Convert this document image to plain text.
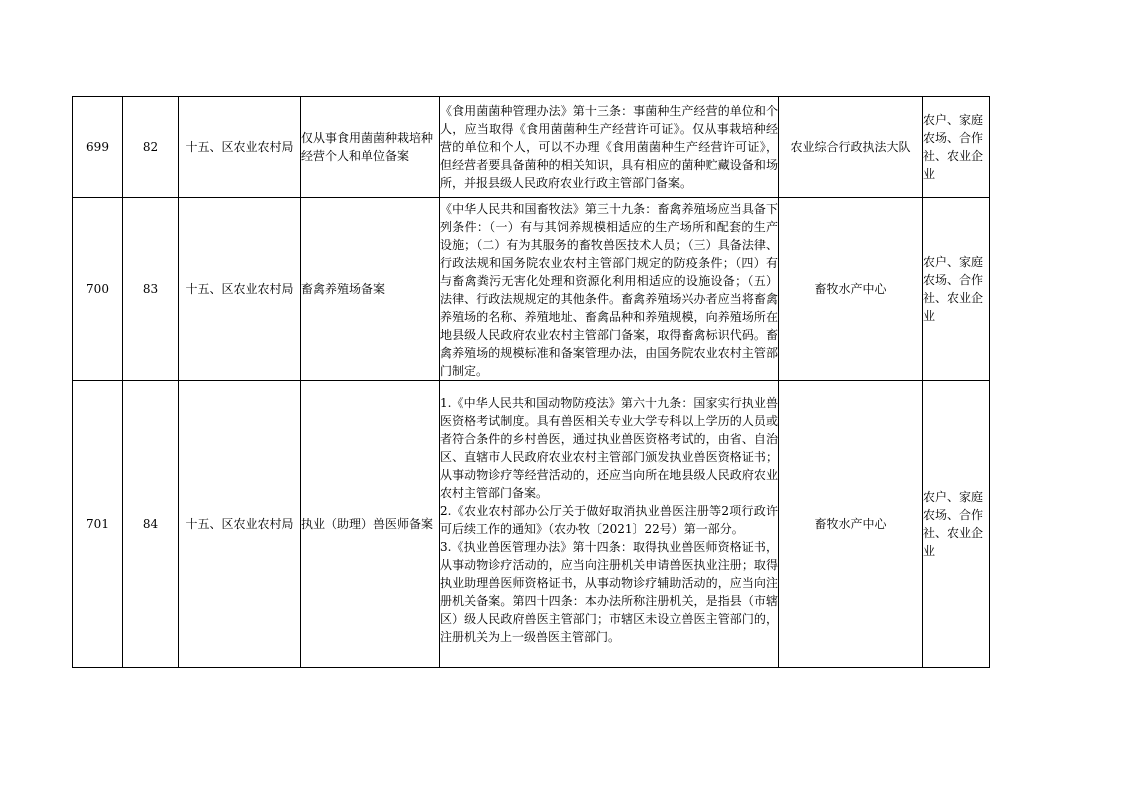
699	82	十五、区农业农村局	仅从事食用菌菌种栽培种经营个人和单位备案	《食用菌菌种管理办法》第十三条：事菌种生产经营的单位和个人，应当取得《食用菌菌种生产经营许可证》。仅从事栽培种经营的单位和个人，可以不办理《食用菌菌种生产经营许可证》，但经营者要具备菌种的相关知识，具有相应的菌种贮藏设备和场所，并报县级人民政府农业行政主管部门备案。	农业综合行政执法大队	农户、家庭农场、合作社、农业企业
700	83	十五、区农业农村局	畜禽养殖场备案	《中华人民共和国畜牧法》第三十九条：畜禽养殖场应当具备下列条件：（一）有与其饲养规模相适应的生产场所和配套的生产设施；（二）有为其服务的畜牧兽医技术人员；（三）具备法律、行政法规和国务院农业农村主管部门规定的防疫条件；（四）有与畜禽粪污无害化处理和资源化利用相适应的设施设备；（五）法律、行政法规规定的其他条件。畜禽养殖场兴办者应当将畜禽养殖场的名称、养殖地址、畜禽品种和养殖规模，向养殖场所在地县级人民政府农业农村主管部门备案，取得畜禽标识代码。畜禽养殖场的规模标准和备案管理办法，由国务院农业农村主管部门制定。	畜牧水产中心	农户、家庭农场、合作社、农业企业
701	84	十五、区农业农村局	执业（助理）兽医师备案	1.《中华人民共和国动物防疫法》第六十九条：国家实行执业兽医资格考试制度。具有兽医相关专业大学专科以上学历的人员或者符合条件的乡村兽医，通过执业兽医资格考试的，由省、自治区、直辖市人民政府农业农村主管部门颁发执业兽医资格证书；从事动物诊疗等经营活动的，还应当向所在地县级人民政府农业农村主管部门备案。
2.《农业农村部办公厅关于做好取消执业兽医注册等2项行政许可后续工作的通知》（农办牧〔2021〕22号）第一部分。
3.《执业兽医管理办法》第十四条：取得执业兽医师资格证书，从事动物诊疗活动的，应当向注册机关申请兽医执业注册；取得执业助理兽医师资格证书，从事动物诊疗辅助活动的，应当向注册机关备案。第四十四条：本办法所称注册机关，是指县（市辖区）级人民政府兽医主管部门；市辖区未设立兽医主管部门的，注册机关为上一级兽医主管部门。	畜牧水产中心	农户、家庭农场、合作社、农业企业
